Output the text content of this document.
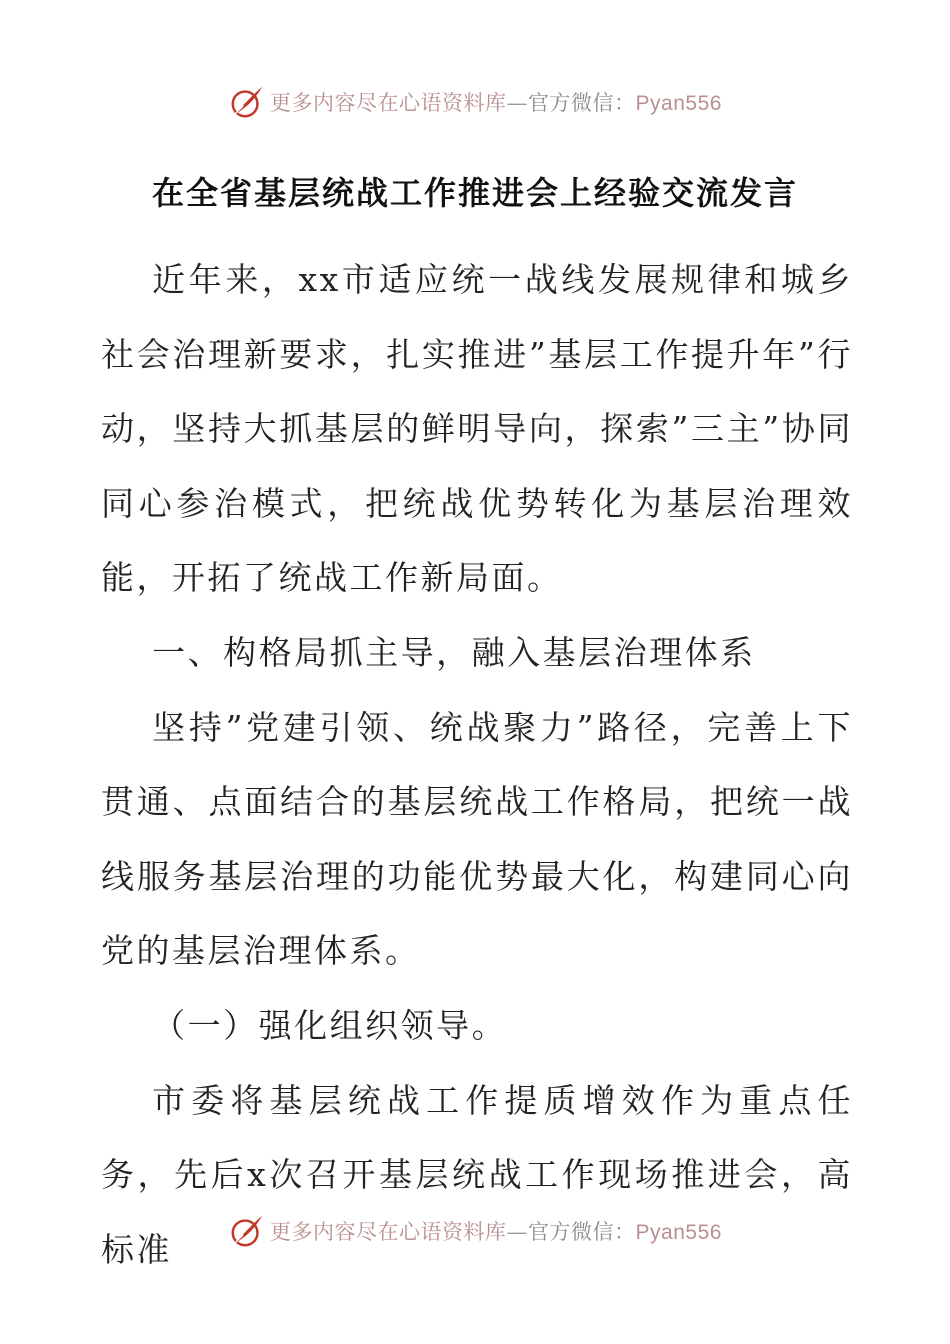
更多内容尽在心语资料库—官方微信：Pyan556
在全省基层统战工作推进会上经验交流发言

近年来，xx市适应统一战线发展规律和城乡社会治理新要求，扎实推进”基层工作提升年”行动，坚持大抓基层的鲜明导向，探索”三主”协同同心参治模式，把统战优势转化为基层治理效能，开拓了统战工作新局面。

一、构格局抓主导，融入基层治理体系

坚持”党建引领、统战聚力”路径，完善上下贯通、点面结合的基层统战工作格局，把统一战线服务基层治理的功能优势最大化，构建同心向党的基层治理体系。

（一）强化组织领导。

市委将基层统战工作提质增效作为重点任务，先后x次召开基层统战工作现场推进会，高标准	更多内容尽在心语资料库—官方微信：Pyan556
